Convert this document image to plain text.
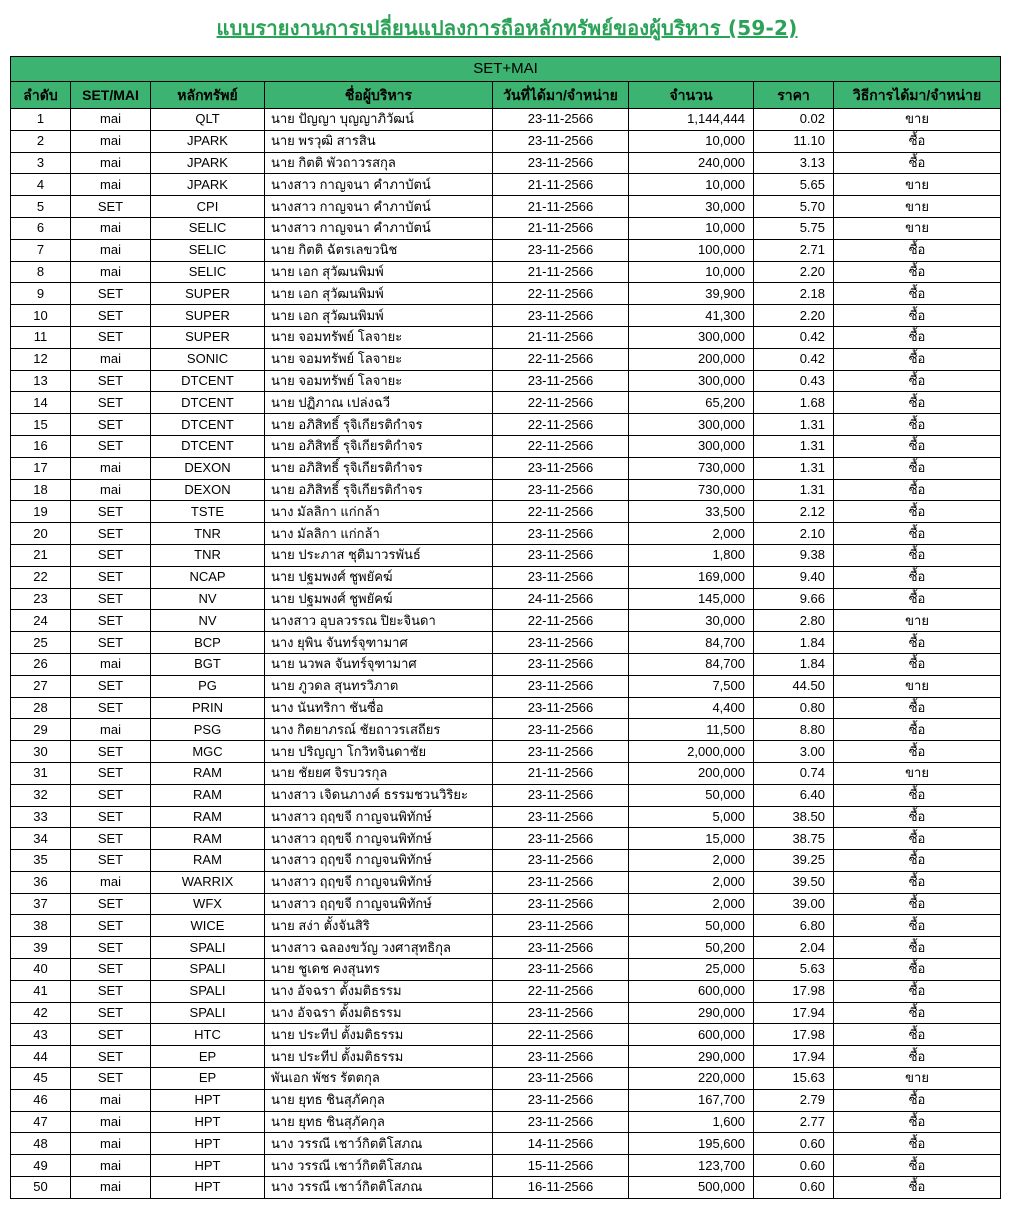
แบบรายงานการเปลี่ยนแปลงการถือหลักทรัพย์ของผู้บริหาร (59-2)
SET+MAI							
ลำดับ	SET/MAI	หลักทรัพย์	ชื่อผู้บริหาร	วันที่ได้มา/จำหน่าย	จำนวน	ราคา	วิธีการได้มา/จำหน่าย
1	mai	QLT	นาย ปัญญา บุญญาภิวัฒน์	23-11-2566	1,144,444	0.02	ขาย
2	mai	JPARK	นาย พรวุฒิ สารสิน	23-11-2566	10,000	11.10	ซื้อ
3	mai	JPARK	นาย กิตติ พัวถาวรสกุล	23-11-2566	240,000	3.13	ซื้อ
4	mai	JPARK	นางสาว กาญจนา คำภาบัตน์	21-11-2566	10,000	5.65	ขาย
5	SET	CPI	นางสาว กาญจนา คำภาบัตน์	21-11-2566	30,000	5.70	ขาย
6	mai	SELIC	นางสาว กาญจนา คำภาบัตน์	21-11-2566	10,000	5.75	ขาย
7	mai	SELIC	นาย กิตติ ฉัตรเลขวนิช	23-11-2566	100,000	2.71	ซื้อ
8	mai	SELIC	นาย เอก สุวัฒนพิมพ์	21-11-2566	10,000	2.20	ซื้อ
9	SET	SUPER	นาย เอก สุวัฒนพิมพ์	22-11-2566	39,900	2.18	ซื้อ
10	SET	SUPER	นาย เอก สุวัฒนพิมพ์	23-11-2566	41,300	2.20	ซื้อ
11	SET	SUPER	นาย จอมทรัพย์ โลจายะ	21-11-2566	300,000	0.42	ซื้อ
12	mai	SONIC	นาย จอมทรัพย์ โลจายะ	22-11-2566	200,000	0.42	ซื้อ
13	SET	DTCENT	นาย จอมทรัพย์ โลจายะ	23-11-2566	300,000	0.43	ซื้อ
14	SET	DTCENT	นาย ปฏิภาณ เปล่งฉวี	22-11-2566	65,200	1.68	ซื้อ
15	SET	DTCENT	นาย อภิสิทธิ์ รุจิเกียรติกำจร	22-11-2566	300,000	1.31	ซื้อ
16	SET	DTCENT	นาย อภิสิทธิ์ รุจิเกียรติกำจร	22-11-2566	300,000	1.31	ซื้อ
17	mai	DEXON	นาย อภิสิทธิ์ รุจิเกียรติกำจร	23-11-2566	730,000	1.31	ซื้อ
18	mai	DEXON	นาย อภิสิทธิ์ รุจิเกียรติกำจร	23-11-2566	730,000	1.31	ซื้อ
19	SET	TSTE	นาง มัลลิกา แก่กล้า	22-11-2566	33,500	2.12	ซื้อ
20	SET	TNR	นาง มัลลิกา แก่กล้า	23-11-2566	2,000	2.10	ซื้อ
21	SET	TNR	นาย ประภาส ชุติมาวรพันธ์	23-11-2566	1,800	9.38	ซื้อ
22	SET	NCAP	นาย ปฐมพงศ์ ชูพยัคฆ์	23-11-2566	169,000	9.40	ซื้อ
23	SET	NV	นาย ปฐมพงศ์ ชูพยัคฆ์	24-11-2566	145,000	9.66	ซื้อ
24	SET	NV	นางสาว อุบลวรรณ ปิยะจินดา	22-11-2566	30,000	2.80	ขาย
25	SET	BCP	นาง ยุพิน จันทร์จุฑามาศ	23-11-2566	84,700	1.84	ซื้อ
26	mai	BGT	นาย นวพล จันทร์จุฑามาศ	23-11-2566	84,700	1.84	ซื้อ
27	SET	PG	นาย ภูวดล สุนทรวิภาต	23-11-2566	7,500	44.50	ขาย
28	SET	PRIN	นาง นันทริกา ชันซื่อ	23-11-2566	4,400	0.80	ซื้อ
29	mai	PSG	นาง กิตยาภรณ์ ชัยถาวรเสถียร	23-11-2566	11,500	8.80	ซื้อ
30	SET	MGC	นาย ปริญญา โกวิทจินดาชัย	23-11-2566	2,000,000	3.00	ซื้อ
31	SET	RAM	นาย ชัยยศ จิรบวรกุล	21-11-2566	200,000	0.74	ขาย
32	SET	RAM	นางสาว เจิดนภางค์ ธรรมชวนวิริยะ	23-11-2566	50,000	6.40	ซื้อ
33	SET	RAM	นางสาว ฤฤขจี กาญจนพิทักษ์	23-11-2566	5,000	38.50	ซื้อ
34	SET	RAM	นางสาว ฤฤขจี กาญจนพิทักษ์	23-11-2566	15,000	38.75	ซื้อ
35	SET	RAM	นางสาว ฤฤขจี กาญจนพิทักษ์	23-11-2566	2,000	39.25	ซื้อ
36	mai	WARRIX	นางสาว ฤฤขจี กาญจนพิทักษ์	23-11-2566	2,000	39.50	ซื้อ
37	SET	WFX	นางสาว ฤฤขจี กาญจนพิทักษ์	23-11-2566	2,000	39.00	ซื้อ
38	SET	WICE	นาย สง่า ตั้งจันสิริ	23-11-2566	50,000	6.80	ซื้อ
39	SET	SPALI	นางสาว ฉลองขวัญ วงศาสุทธิกุล	23-11-2566	50,200	2.04	ซื้อ
40	SET	SPALI	นาย ชูเดช คงสุนทร	23-11-2566	25,000	5.63	ซื้อ
41	SET	SPALI	นาง อัจฉรา ตั้งมติธรรม	22-11-2566	600,000	17.98	ซื้อ
42	SET	SPALI	นาง อัจฉรา ตั้งมติธรรม	23-11-2566	290,000	17.94	ซื้อ
43	SET	HTC	นาย ประทีป ตั้งมติธรรม	22-11-2566	600,000	17.98	ซื้อ
44	SET	EP	นาย ประทีป ตั้งมติธรรม	23-11-2566	290,000	17.94	ซื้อ
45	SET	EP	พันเอก พัชร รัตตกุล	23-11-2566	220,000	15.63	ขาย
46	mai	HPT	นาย ยุทธ ชินสุภัคกุล	23-11-2566	167,700	2.79	ซื้อ
47	mai	HPT	นาย ยุทธ ชินสุภัคกุล	23-11-2566	1,600	2.77	ซื้อ
48	mai	HPT	นาง วรรณี เชาว์กิตติโสภณ	14-11-2566	195,600	0.60	ซื้อ
49	mai	HPT	นาง วรรณี เชาว์กิตติโสภณ	15-11-2566	123,700	0.60	ซื้อ
50	mai	HPT	นาง วรรณี เชาว์กิตติโสภณ	16-11-2566	500,000	0.60	ซื้อ
